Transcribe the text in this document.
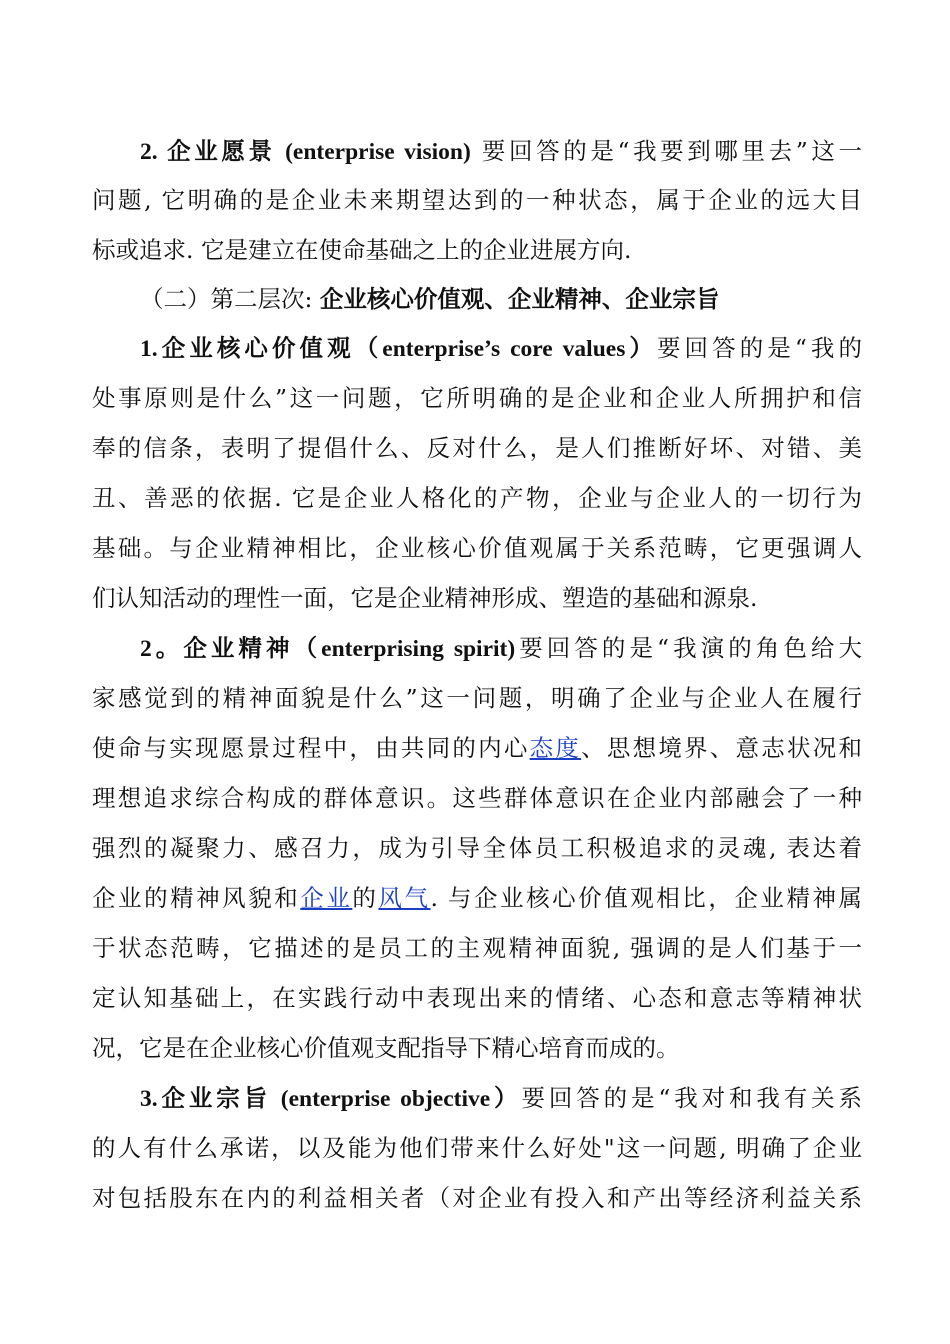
2. 企业愿景 (enterprise vision) 要回答的是“我要到哪里去”这一
问题, 它明确的是企业未来期望达到的一种状态，属于企业的远大目
标或追求. 它是建立在使命基础之上的企业进展方向.
（二）第二层次: 企业核心价值观、企业精神、企业宗旨
1.企业核心价值观（enterprise’s core values）要回答的是“我的
处事原则是什么”这一问题，它所明确的是企业和企业人所拥护和信
奉的信条，表明了提倡什么、反对什么，是人们推断好坏、对错、美
丑、善恶的依据. 它是企业人格化的产物，企业与企业人的一切行为
基础。与企业精神相比，企业核心价值观属于关系范畴，它更强调人
们认知活动的理性一面，它是企业精神形成、塑造的基础和源泉.
2。企业精神（enterprising spirit)要回答的是“我演的角色给大
家感觉到的精神面貌是什么”这一问题，明确了企业与企业人在履行
使命与实现愿景过程中，由共同的内心态度、思想境界、意志状况和
理想追求综合构成的群体意识。这些群体意识在企业内部融会了一种
强烈的凝聚力、感召力，成为引导全体员工积极追求的灵魂, 表达着
企业的精神风貌和企业的风气. 与企业核心价值观相比，企业精神属
于状态范畴，它描述的是员工的主观精神面貌, 强调的是人们基于一
定认知基础上，在实践行动中表现出来的情绪、心态和意志等精神状
况，它是在企业核心价值观支配指导下精心培育而成的。
3.企业宗旨 (enterprise objective）要回答的是“我对和我有关系
的人有什么承诺，以及能为他们带来什么好处"这一问题, 明确了企业
对包括股东在内的利益相关者（对企业有投入和产出等经济利益关系
